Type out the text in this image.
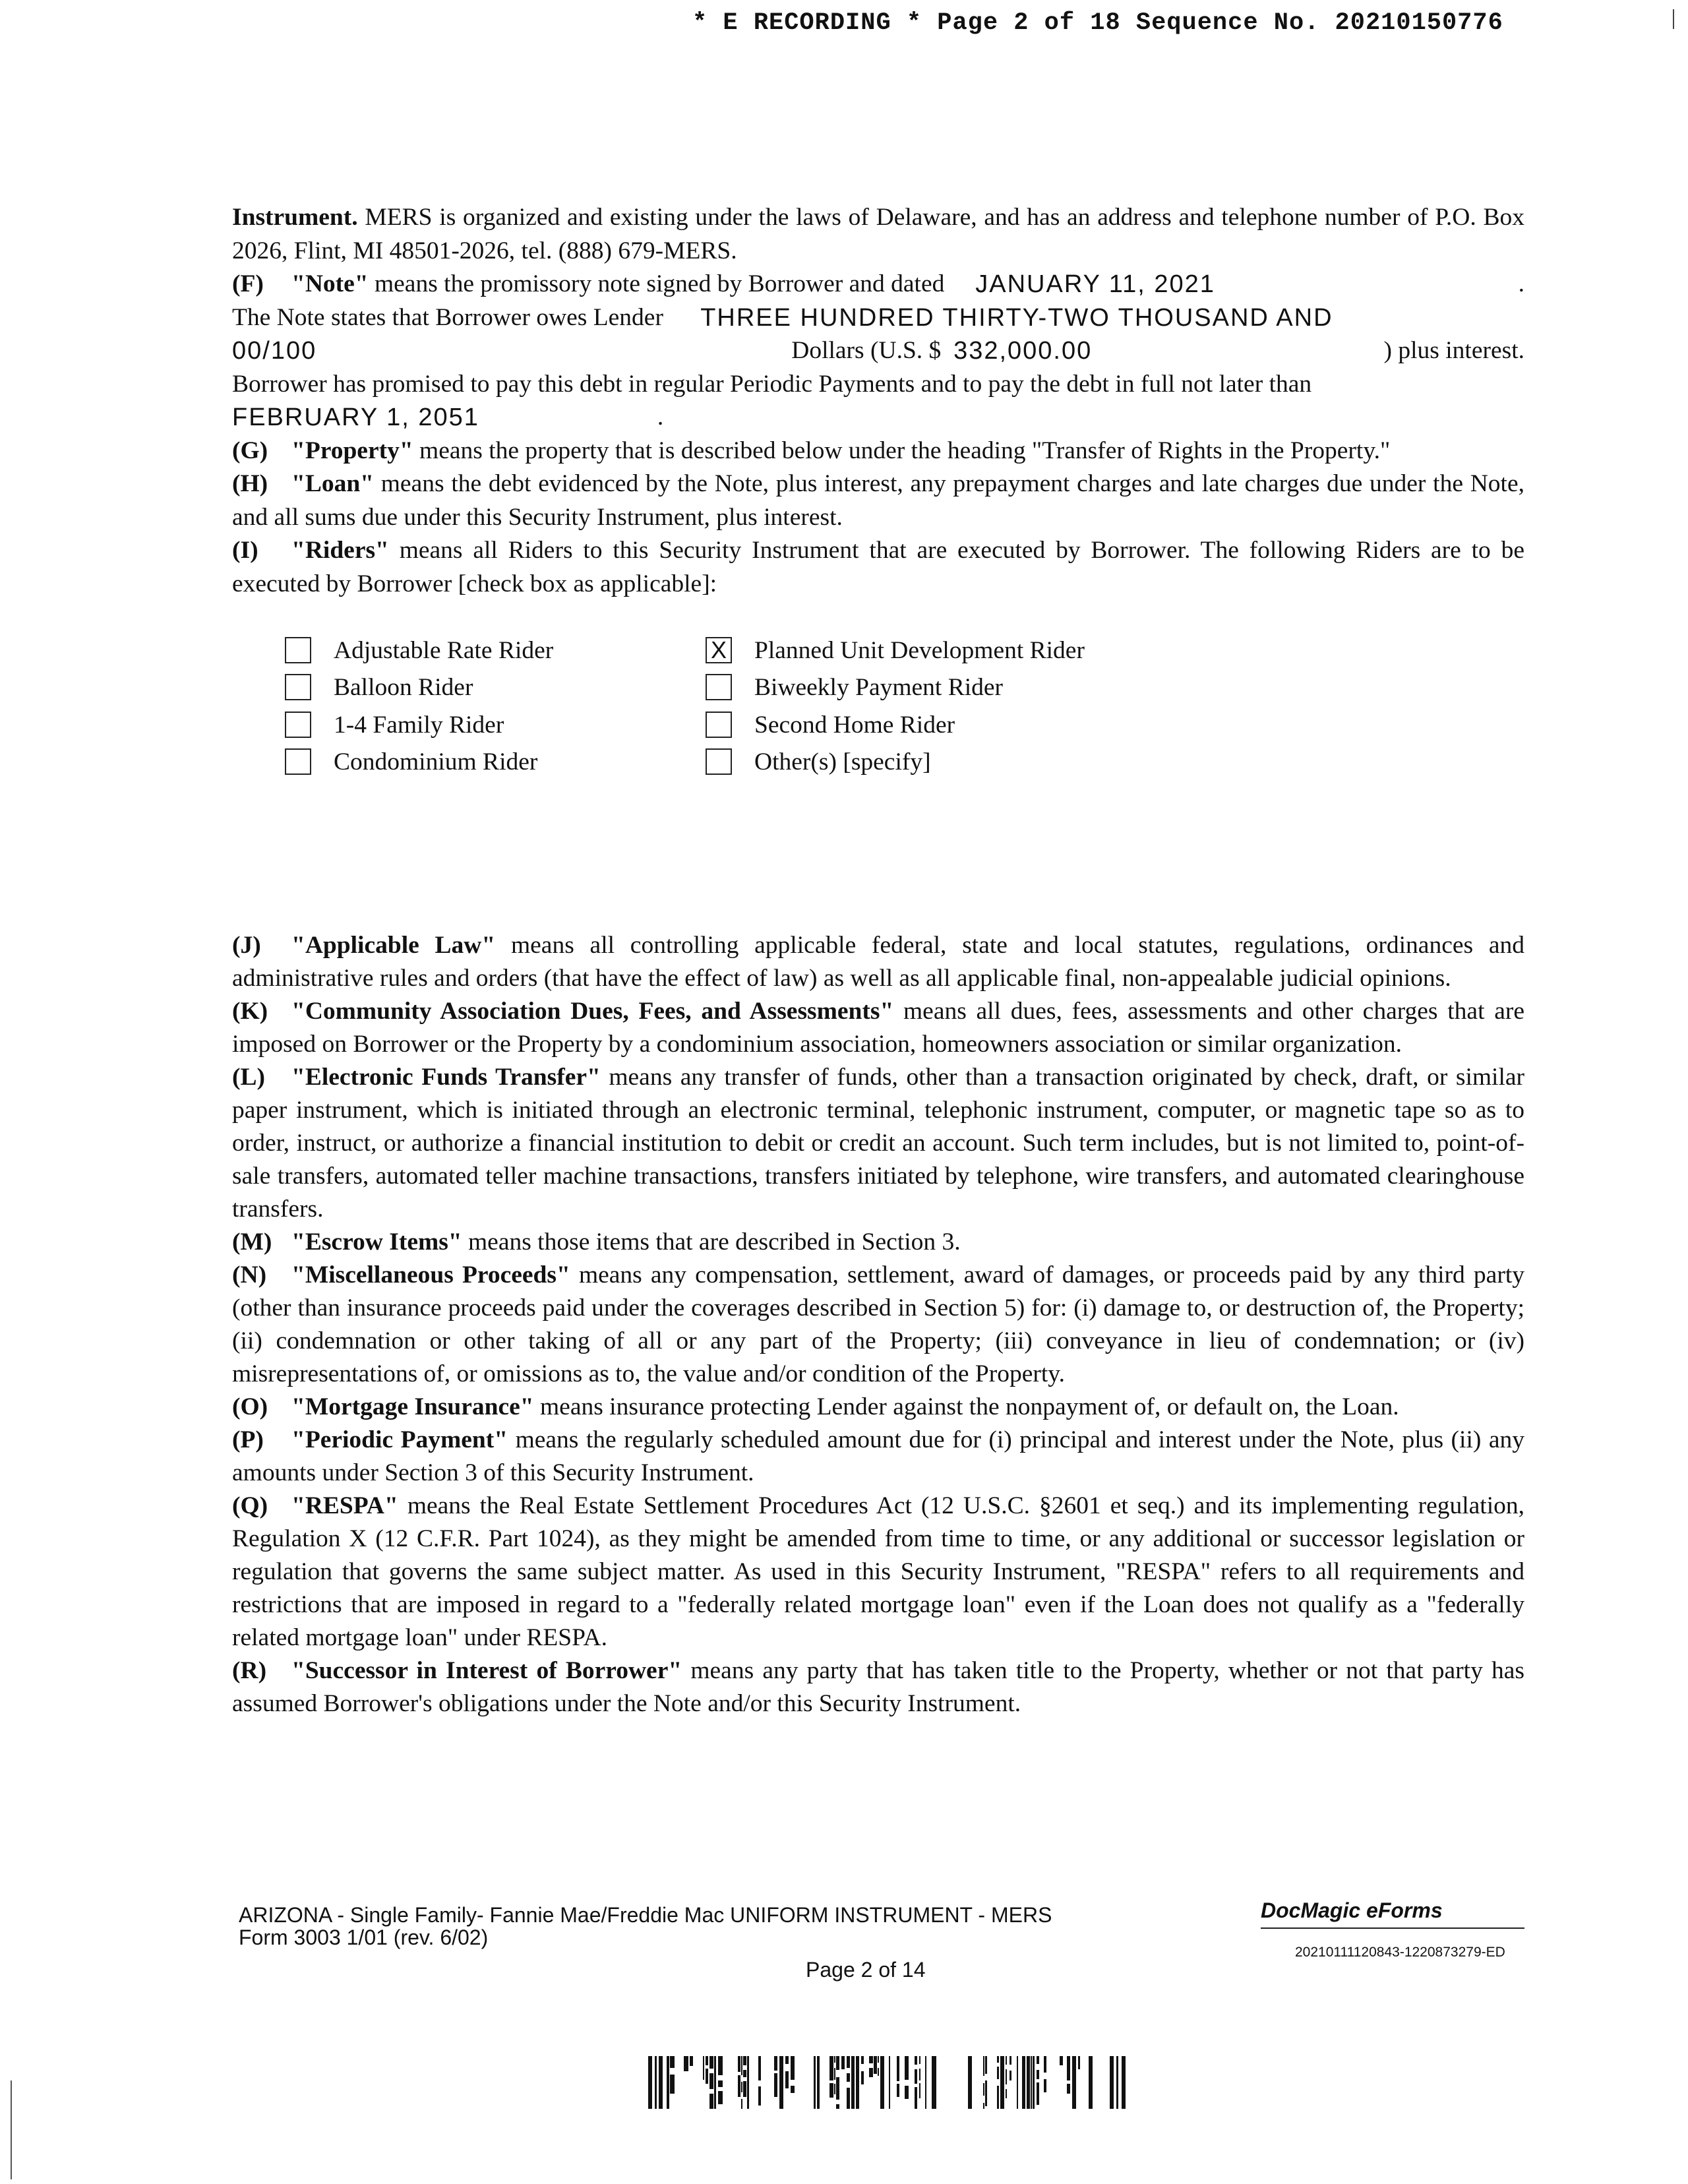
* E RECORDING * Page 2 of 18 Sequence No. 20210150776

Instrument. MERS is organized and existing under the laws of Delaware, and has an address and telephone number of P.O. Box 2026, Flint, MI 48501-2026, tel. (888) 679-MERS.

(F)	"Note"
means the promissory note signed by Borrower and dated
JANUARY 11, 2021	.
The Note states that Borrower owes Lender
THREE HUNDRED THIRTY-TWO THOUSAND AND
00/100	Dollars (U.S. $
332,000.00	) plus interest.

Borrower has promised to pay this debt in regular Periodic Payments and to pay the debt in full not later than

FEBRUARY 1, 2051	.

(G) "Property" means the property that is described below under the heading "Transfer of Rights in the Property."

(H) "Loan" means the debt evidenced by the Note, plus interest, any prepayment charges and late charges due under the Note, and all sums due under this Security Instrument, plus interest.

(I) "Riders" means all Riders to this Security Instrument that are executed by Borrower. The following Riders are to be executed by Borrower [check box as applicable]:

Adjustable Rate Rider
Balloon Rider
1-4 Family Rider
Condominium Rider
X Planned Unit Development Rider
Biweekly Payment Rider
Second Home Rider
Other(s) [specify]

(J) "Applicable Law" means all controlling applicable federal, state and local statutes, regulations, ordinances and administrative rules and orders (that have the effect of law) as well as all applicable final, non-appealable judicial opinions.

(K) "Community Association Dues, Fees, and Assessments" means all dues, fees, assessments and other charges that are imposed on Borrower or the Property by a condominium association, homeowners association or similar organization.

(L) "Electronic Funds Transfer" means any transfer of funds, other than a transaction originated by check, draft, or similar paper instrument, which is initiated through an electronic terminal, telephonic instrument, computer, or magnetic tape so as to order, instruct, or authorize a financial institution to debit or credit an account. Such term includes, but is not limited to, point-of-sale transfers, automated teller machine transactions, transfers initiated by telephone, wire transfers, and automated clearinghouse transfers.

(M) "Escrow Items" means those items that are described in Section 3.

(N) "Miscellaneous Proceeds" means any compensation, settlement, award of damages, or proceeds paid by any third party (other than insurance proceeds paid under the coverages described in Section 5) for: (i) damage to, or destruction of, the Property; (ii) condemnation or other taking of all or any part of the Property; (iii) conveyance in lieu of condemnation; or (iv) misrepresentations of, or omissions as to, the value and/or condition of the Property.

(O) "Mortgage Insurance" means insurance protecting Lender against the nonpayment of, or default on, the Loan.

(P) "Periodic Payment" means the regularly scheduled amount due for (i) principal and interest under the Note, plus (ii) any amounts under Section 3 of this Security Instrument.

(Q) "RESPA" means the Real Estate Settlement Procedures Act (12 U.S.C. §2601 et seq.) and its implementing regulation, Regulation X (12 C.F.R. Part 1024), as they might be amended from time to time, or any additional or successor legislation or regulation that governs the same subject matter. As used in this Security Instrument, "RESPA" refers to all requirements and restrictions that are imposed in regard to a "federally related mortgage loan" even if the Loan does not qualify as a "federally related mortgage loan" under RESPA.

(R) "Successor in Interest of Borrower" means any party that has taken title to the Property, whether or not that party has assumed Borrower's obligations under the Note and/or this Security Instrument.

ARIZONA - Single Family- Fannie Mae/Freddie Mac UNIFORM INSTRUMENT - MERS
Form 3003 1/01 (rev. 6/02)
Page 2 of 14
DocMagic eForms
20210111120843-1220873279-ED
